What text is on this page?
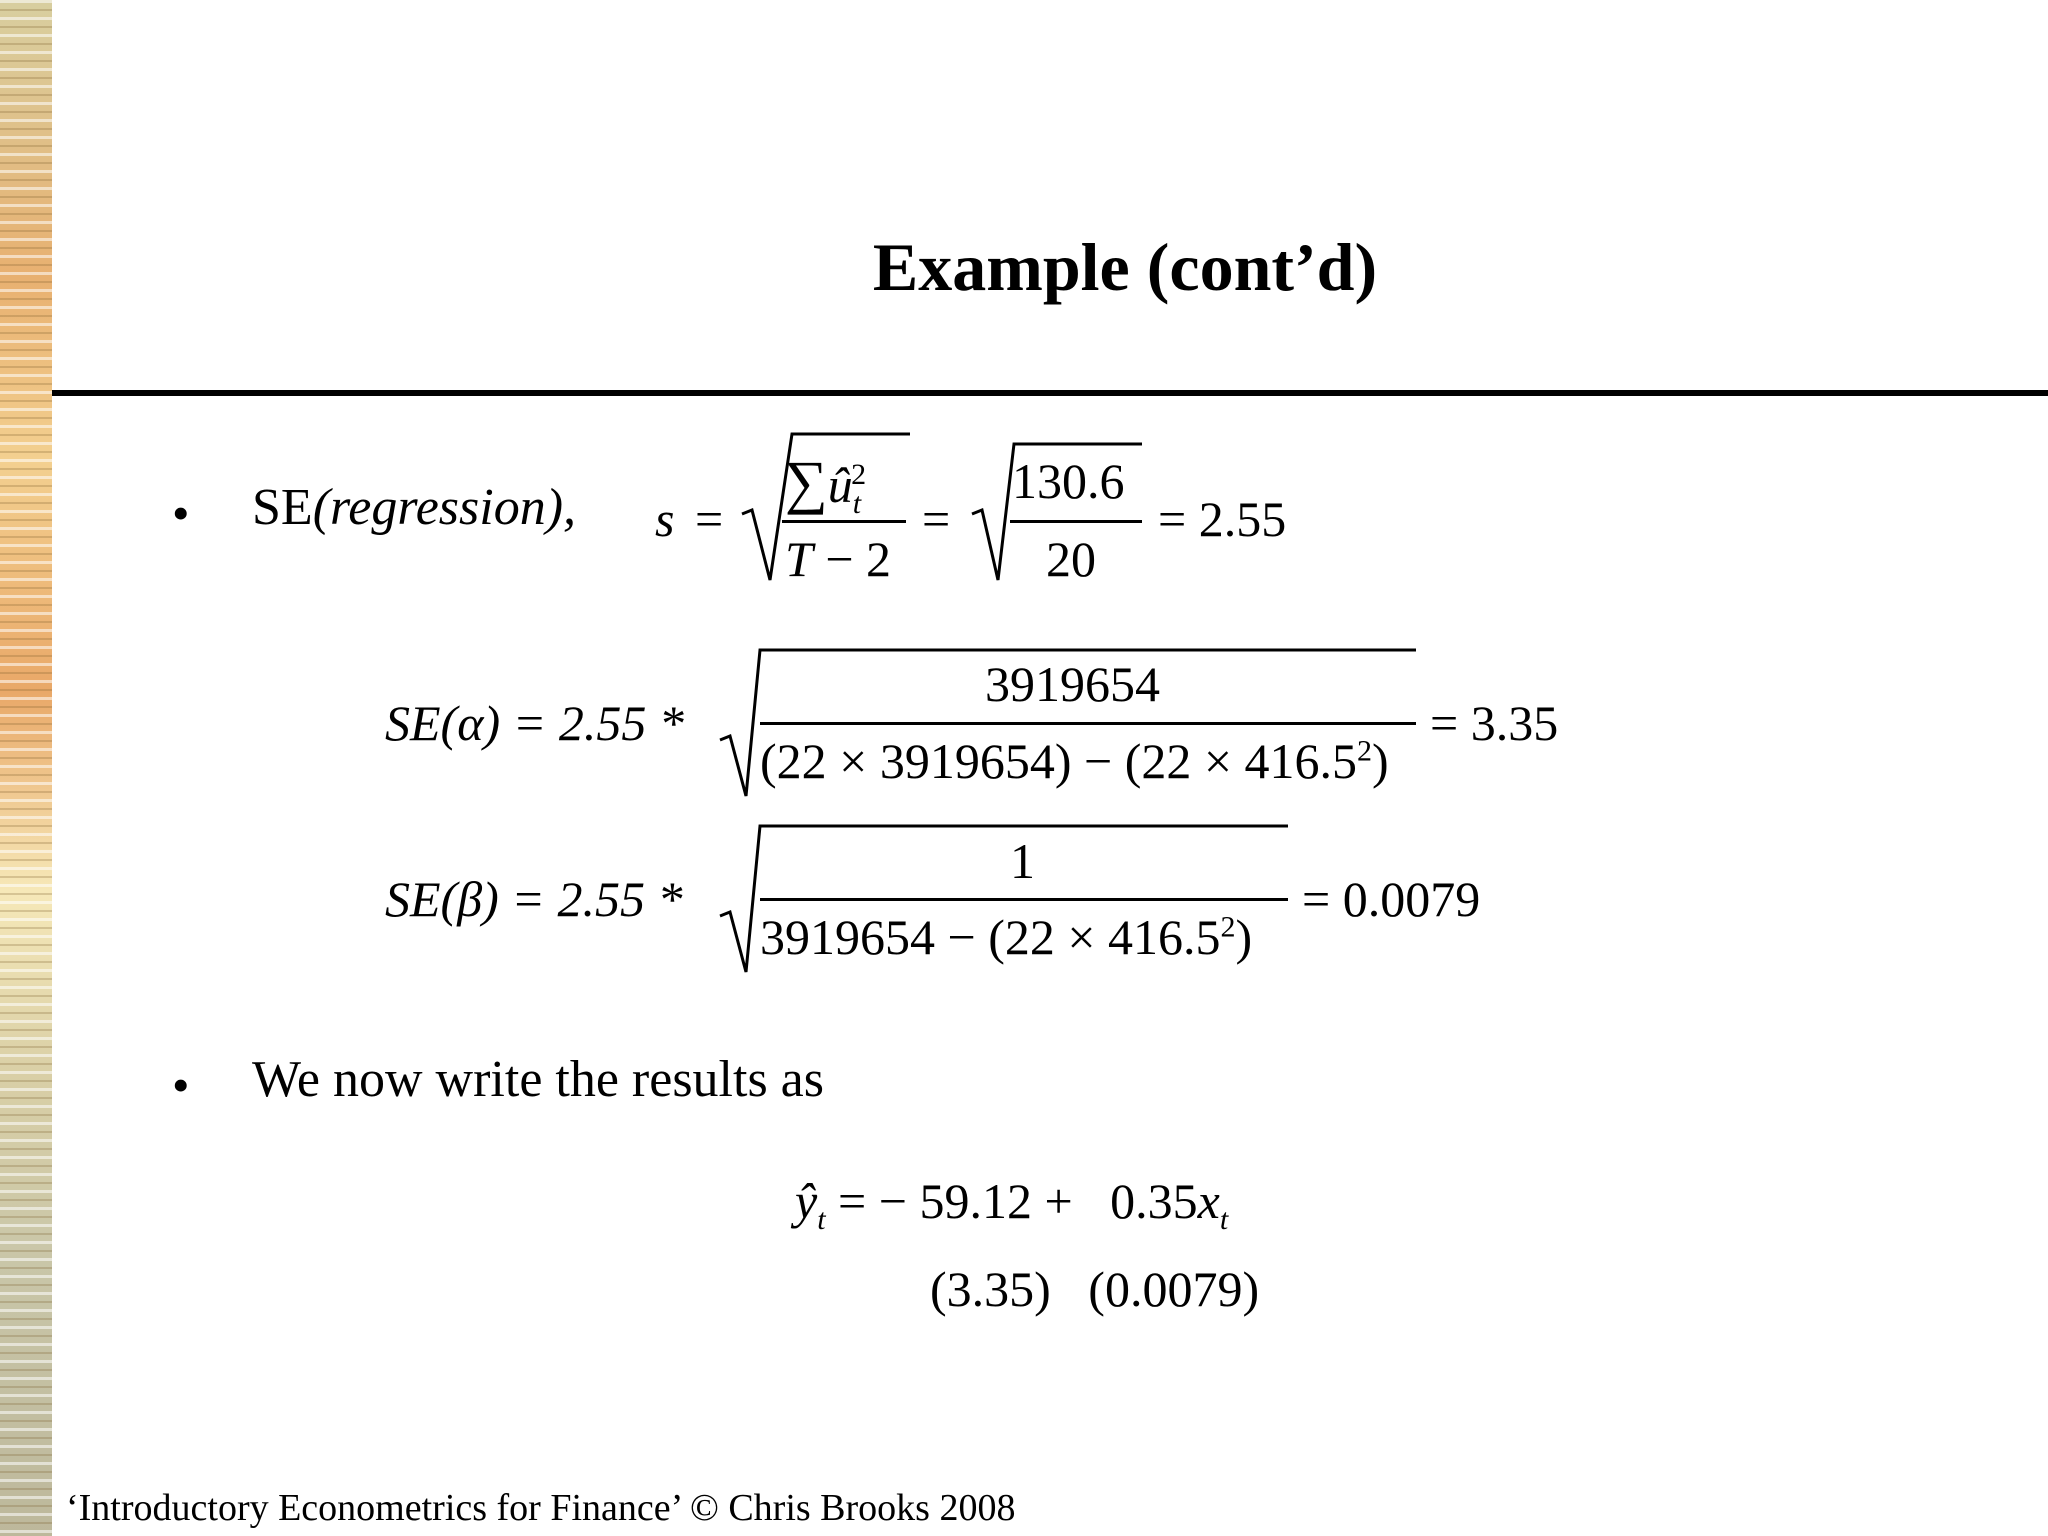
Example (cont’d)
• SE(regression), s =
$\sum û_t^2$
T − 2
=
130.6
20
= 2.55
SE(α) = 2.55 *
3919654
$(22 \times 3919654) - (22 \times 416.5^2)$
= 3.35
SE(β) = 2.55 *
1
$3919654 - (22 \times 416.5^2)$
= 0.0079
• We now write the results as
$ŷ_t$ = − $59.12 + 0.35x_t$
(3.35)   (0.0079)
‘Introductory Econometrics for Finance’ © Chris Brooks 2008
